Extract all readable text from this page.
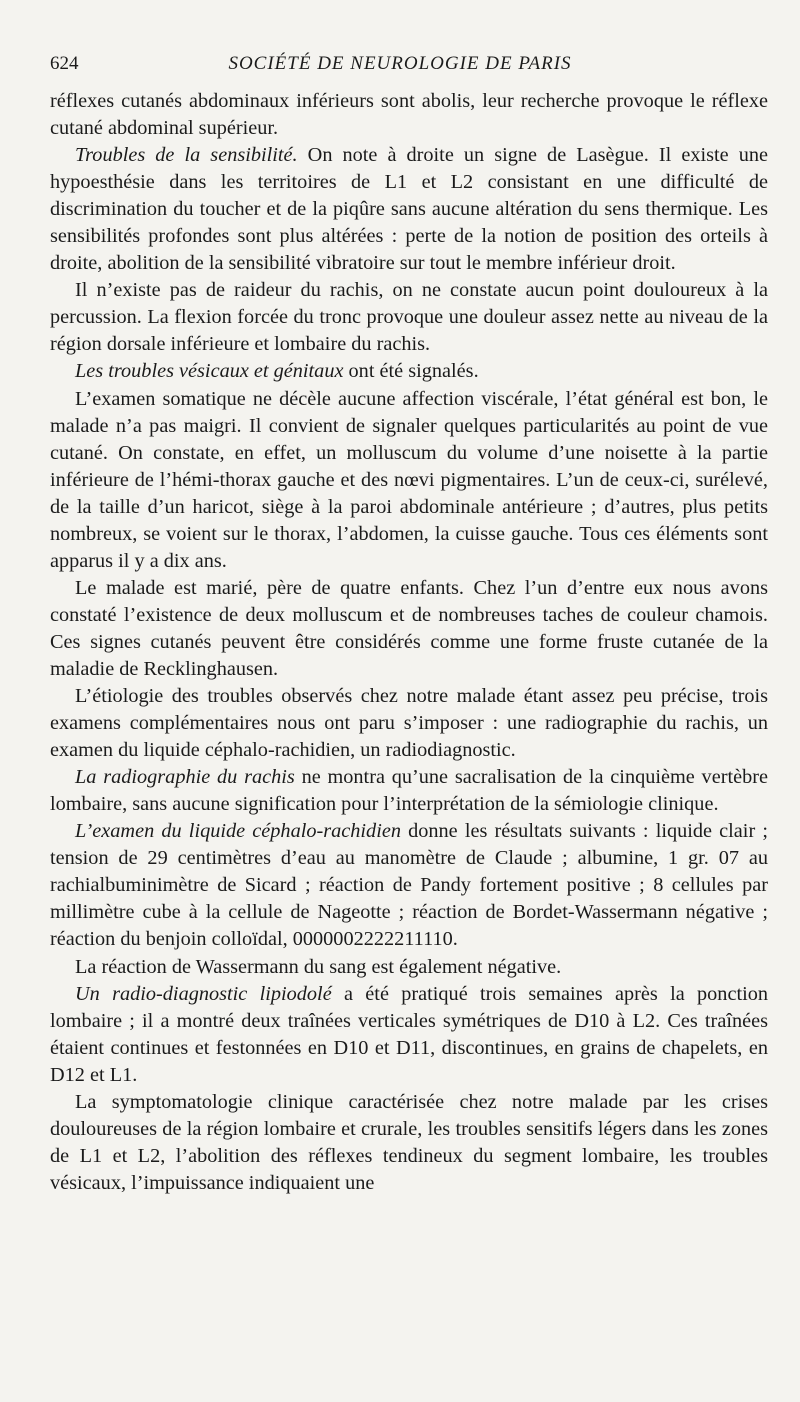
624	SOCIÉTÉ DE NEUROLOGIE DE PARIS

réflexes cutanés abdominaux inférieurs sont abolis, leur recherche provoque le réflexe cutané abdominal supérieur.

Troubles de la sensibilité. On note à droite un signe de Lasègue. Il existe une hypoesthésie dans les territoires de L1 et L2 consistant en une difficulté de discrimination du toucher et de la piqûre sans aucune altération du sens thermique. Les sensibilités profondes sont plus altérées : perte de la notion de position des orteils à droite, abolition de la sensibilité vibratoire sur tout le membre inférieur droit.

Il n’existe pas de raideur du rachis, on ne constate aucun point douloureux à la percussion. La flexion forcée du tronc provoque une douleur assez nette au niveau de la région dorsale inférieure et lombaire du rachis.

Les troubles vésicaux et génitaux ont été signalés.

L’examen somatique ne décèle aucune affection viscérale, l’état général est bon, le malade n’a pas maigri. Il convient de signaler quelques particularités au point de vue cutané. On constate, en effet, un molluscum du volume d’une noisette à la partie inférieure de l’hémi-thorax gauche et des nœvi pigmentaires. L’un de ceux-ci, surélevé, de la taille d’un haricot, siège à la paroi abdominale antérieure ; d’autres, plus petits nombreux, se voient sur le thorax, l’abdomen, la cuisse gauche. Tous ces éléments sont apparus il y a dix ans.

Le malade est marié, père de quatre enfants. Chez l’un d’entre eux nous avons constaté l’existence de deux molluscum et de nombreuses taches de couleur chamois. Ces signes cutanés peuvent être considérés comme une forme fruste cutanée de la maladie de Recklinghausen.

L’étiologie des troubles observés chez notre malade étant assez peu précise, trois examens complémentaires nous ont paru s’imposer : une radiographie du rachis, un examen du liquide céphalo-rachidien, un radiodiagnostic.

La radiographie du rachis ne montra qu’une sacralisation de la cinquième vertèbre lombaire, sans aucune signification pour l’interprétation de la sémiologie clinique.

L’examen du liquide céphalo-rachidien donne les résultats suivants : liquide clair ; tension de 29 centimètres d’eau au manomètre de Claude ; albumine, 1 gr. 07 au rachialbuminimètre de Sicard ; réaction de Pandy fortement positive ; 8 cellules par millimètre cube à la cellule de Nageotte ; réaction de Bordet-Wassermann négative ; réaction du benjoin colloïdal, 0000002222211110.

La réaction de Wassermann du sang est également négative.

Un radio-diagnostic lipiodolé a été pratiqué trois semaines après la ponction lombaire ; il a montré deux traînées verticales symétriques de D10 à L2. Ces traînées étaient continues et festonnées en D10 et D11, discontinues, en grains de chapelets, en D12 et L1.

La symptomatologie clinique caractérisée chez notre malade par les crises douloureuses de la région lombaire et crurale, les troubles sensitifs légers dans les zones de L1 et L2, l’abolition des réflexes tendineux du segment lombaire, les troubles vésicaux, l’impuissance indiquaient une
